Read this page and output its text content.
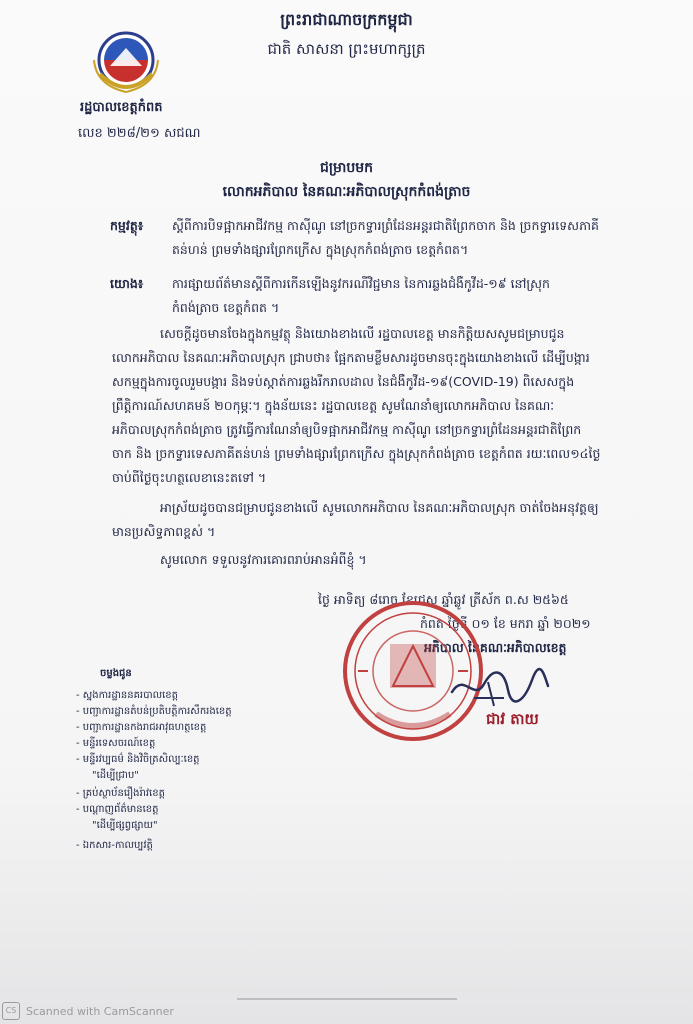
ព្រះរាជាណាចក្រកម្ពុជា
ជាតិ សាសនា ព្រះមហាក្សត្រ
រដ្ឋបាលខេត្តកំពត
លេខ ២២៨/២១ សជណ
ជម្រាបមក
លោកអភិបាល នៃគណៈអភិបាលស្រុកកំពង់ត្រាច
កម្មវត្ថុ៖ ស្តីពីការបិទផ្អាកអាជីវកម្ម កាស៊ីណូ នៅច្រកទ្វារព្រំដែនអន្តរជាតិព្រែកចាក និង ច្រកទ្វារទេសភាគី
តន់ហន់ ព្រមទាំងផ្សារព្រែកក្រើស ក្នុងស្រុកកំពង់ត្រាច ខេត្តកំពត។
យោង៖ ការផ្សាយព័ត៌មានស្តីពីការកើនឡើងនូវករណីវិជ្ជមាន នៃការឆ្លងជំងឺកូវីដ-១៩ នៅស្រុក
កំពង់ត្រាច ខេត្តកំពត ។
សេចក្តីដូចមានចែងក្នុងកម្មវត្ថុ និងយោងខាងលើ រដ្ឋបាលខេត្ត មានកិត្តិយសសូមជម្រាបជូន
លោកអភិបាល នៃគណៈអភិបាលស្រុក ជ្រាបថា៖ ផ្អែកតាមខ្លឹមសារដូចមានចុះក្នុងយោងខាងលើ ដើម្បីបង្ការ
សកម្មក្នុងការចូលរួមបង្ការ និងទប់ស្កាត់ការឆ្លងរីករាលដាល នៃជំងឺកូវីដ-១៩(COVID-19) ពិសេសក្នុង
ព្រឹត្តិការណ៍សហគមន៍ ២០កុម្ភៈ។ ក្នុងន័យនេះ រដ្ឋបាលខេត្ត សូមណែនាំឲ្យលោកអភិបាល នៃគណៈ
អភិបាលស្រុកកំពង់ត្រាច ត្រូវធ្វើការណែនាំឲ្យបិទផ្អាកអាជីវកម្ម កាស៊ីណូ នៅច្រកទ្វារព្រំដែនអន្តរជាតិព្រែក
ចាក និង ច្រកទ្វារទេសភាគីតន់ហន់ ព្រមទាំងផ្សារព្រែកក្រើស ក្នុងស្រុកកំពង់ត្រាច ខេត្តកំពត រយៈពេល១៤ថ្ងៃ
ចាប់ពីថ្ងៃចុះហត្ថលេខានេះតទៅ ។
អាស្រ័យដូចបានជម្រាបជូនខាងលើ សូមលោកអភិបាល នៃគណៈអភិបាលស្រុក ចាត់ចែងអនុវត្តឲ្យ
មានប្រសិទ្ធភាពខ្ពស់ ។
សូមលោក ទទួលនូវការគោរពរាប់អានអំពីខ្ញុំ ។
ថ្ងៃ អាទិត្យ ៨រោច ខែជេស្ឋ ឆ្នាំឆ្លូវ ត្រីស័ក ព.ស ២៥៦៥
កំពត ថ្ងៃទី ០១ ខែ មករា ឆ្នាំ ២០២១
អភិបាល នៃគណៈអភិបាលខេត្ត
ជាវ តាយ
ចម្លងជូន
- ស្នងការដ្ឋាននគរបាលខេត្ត
- បញ្ជាការដ្ឋានតំបន់ប្រតិបត្តិការសឹករងខេត្ត
- បញ្ជាការដ្ឋានកងរាជអាវុធហត្ថខេត្ត
- មន្ទីរទេសចរណ៍ខេត្ត
- មន្ទីរវប្បធម៌ និងវិចិត្រសិល្បៈខេត្ត
"ដើម្បីជ្រាប"
- គ្រប់ស្ថាប័នរឿងរ៉ាវខេត្ត
- បណ្តាញព័ត៌មានខេត្ត
"ដើម្បីផ្សព្វផ្សាយ"
- ឯកសារ-កាលប្បវត្តិ
CS Scanned with CamScanner
